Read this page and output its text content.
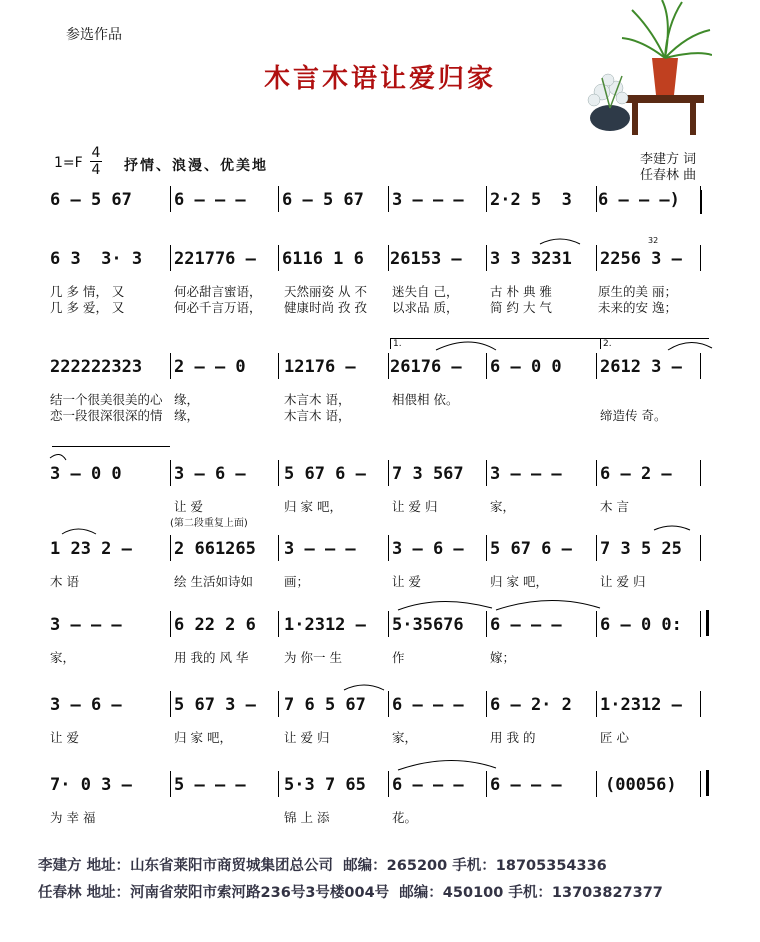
参选作品
木言木语让爱归家
1=F
4
4 抒情、浪漫、优美地	李建方 词
任春林 曲
6 – 5 67 6 – – – 6 – 5 67 3 – – – 2·2 5  3 6 – – –)
6 3  3· 3 221776 – 6116 1 6 26153 – 3 3 3231 2256 3 –
222222323 2 – – 0 12176 – 26176 – 6 – 0 0 2612 3 –
3 – 0 0	3 – 6 – 5 67 6 – 7 3 567 3 – – – 6 – 2 –
1 23 2 – 2 661265 3 – – – 3 – 6 – 5 67 6 – 7 3 5 25
3 – – –	6 22 2 6 1·2312 – 5·35676 6 – – – 6 – 0 0:
3 – 6 –	5 67 3 – 7 6 5 67 6 – – – 6 – 2· 2 1·2312 –
7· 0 3 – 5 – – – 5·3 7 65 6 – – – 6 – – –	(00056)
几 多 情， 又	何必甜言蜜语， 天然丽姿 从 不 迷失自 己，	古 朴 典 雅	原生的美 丽；
几 多 爱， 又	何必千言万语， 健康时尚 孜 孜 以求品 质，	简 约 大 气	未来的安 逸；
结一个很美很美的心 缘，	木言木 语，	相偎相 依。
恋一段很深很深的情 缘，	木言木 语，	缔造传 奇。
让 爱	归 家 吧，	让 爱 归	家，	木 言
木 语	绘 生活如诗如 画；	让 爱	归 家 吧，	让 爱 归
家，	用 我的 风 华	为 你一 生	作	嫁；
让 爱	归 家 吧，	让 爱 归	家，	用 我 的	匠 心
为 幸 福	锦 上 添	花。
(第二段重复上面)
1.	2.
32
李建方 地址：山东省莱阳市商贸城集团总公司  邮编：265200 手机：18705354336
任春林 地址：河南省荥阳市索河路236号3号楼004号  邮编：450100 手机：13703827377
